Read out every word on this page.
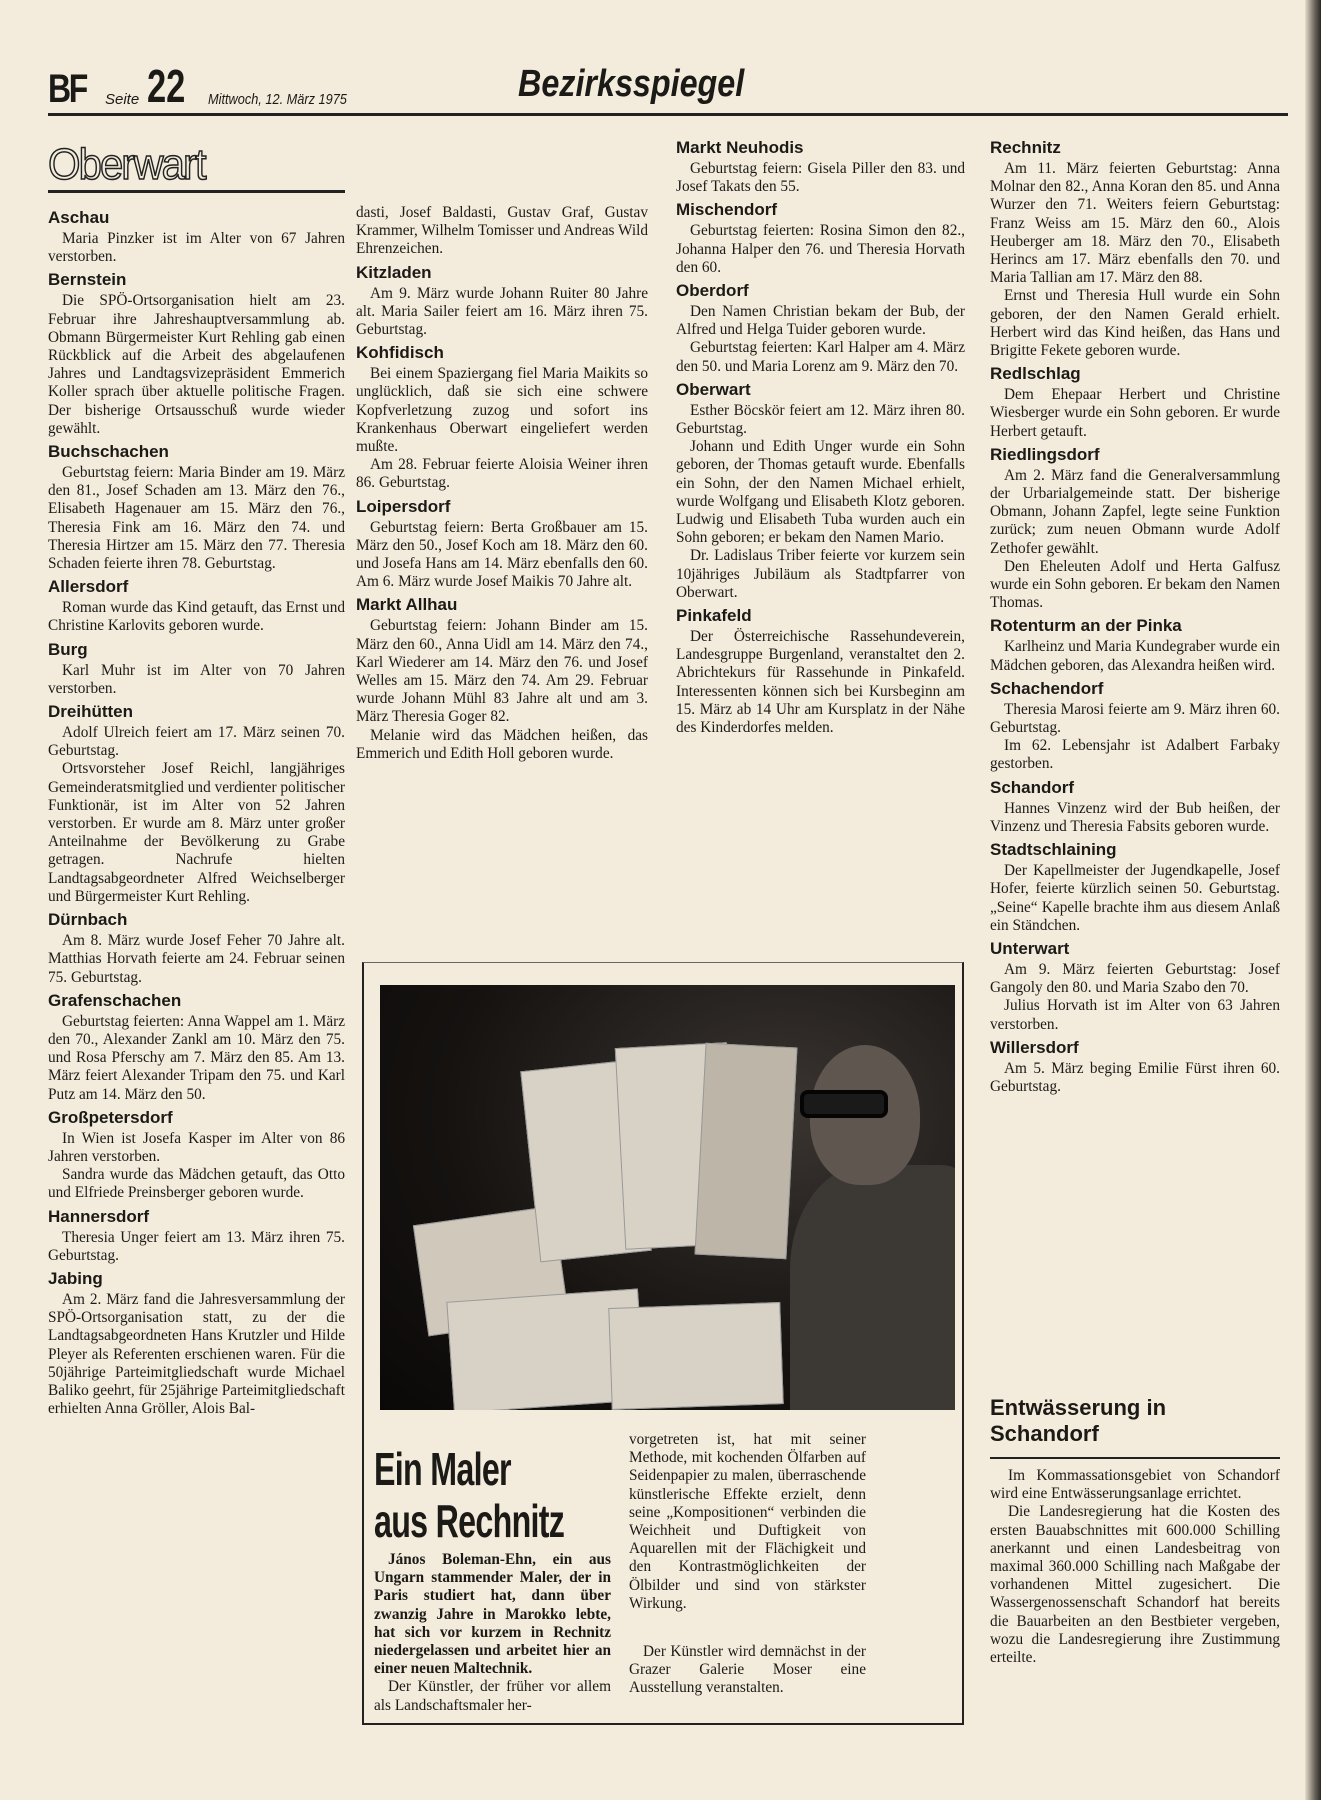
BF Seite 22 Mittwoch, 12. März 1975	Bezirksspiegel
Oberwart
Aschau

Maria Pinzker ist im Alter von 67 Jahren verstorben.

Bernstein

Die SPÖ-Ortsorganisation hielt am 23. Februar ihre Jahreshauptversammlung ab. Obmann Bürgermeister Kurt Rehling gab einen Rückblick auf die Arbeit des abgelaufenen Jahres und Landtagsvizepräsident Emmerich Koller sprach über aktuelle politische Fragen. Der bisherige Ortsausschuß wurde wieder gewählt.

Buchschachen

Geburtstag feiern: Maria Binder am 19. März den 81., Josef Schaden am 13. März den 76., Elisabeth Hagenauer am 15. März den 76., Theresia Fink am 16. März den 74. und Theresia Hirtzer am 15. März den 77. Theresia Schaden feierte ihren 78. Geburtstag.

Allersdorf

Roman wurde das Kind getauft, das Ernst und Christine Karlovits geboren wurde.

Burg

Karl Muhr ist im Alter von 70 Jahren verstorben.

Dreihütten

Adolf Ulreich feiert am 17. März seinen 70. Geburtstag.

Ortsvorsteher Josef Reichl, langjähriges Gemeinderatsmitglied und verdienter politischer Funktionär, ist im Alter von 52 Jahren verstorben. Er wurde am 8. März unter großer Anteilnahme der Bevölkerung zu Grabe getragen. Nachrufe hielten Landtagsabgeordneter Alfred Weichselberger und Bürgermeister Kurt Rehling.

Dürnbach

Am 8. März wurde Josef Feher 70 Jahre alt. Matthias Horvath feierte am 24. Februar seinen 75. Geburtstag.

Grafenschachen

Geburtstag feierten: Anna Wappel am 1. März den 70., Alexander Zankl am 10. März den 75. und Rosa Pferschy am 7. März den 85. Am 13. März feiert Alexander Tripam den 75. und Karl Putz am 14. März den 50.

Großpetersdorf

In Wien ist Josefa Kasper im Alter von 86 Jahren verstorben.

Sandra wurde das Mädchen getauft, das Otto und Elfriede Preinsberger geboren wurde.

Hannersdorf

Theresia Unger feiert am 13. März ihren 75. Geburtstag.

Jabing

Am 2. März fand die Jahresversammlung der SPÖ-Ortsorganisation statt, zu der die Landtagsabgeordneten Hans Krutzler und Hilde Pleyer als Referenten erschienen waren. Für die 50jährige Parteimitgliedschaft wurde Michael Baliko geehrt, für 25jährige Parteimitgliedschaft erhielten Anna Gröller, Alois Bal-

dasti, Josef Baldasti, Gustav Graf, Gustav Krammer, Wilhelm Tomisser und Andreas Wild Ehrenzeichen.

Kitzladen

Am 9. März wurde Johann Ruiter 80 Jahre alt. Maria Sailer feiert am 16. März ihren 75. Geburtstag.

Kohfidisch

Bei einem Spaziergang fiel Maria Maikits so unglücklich, daß sie sich eine schwere Kopfverletzung zuzog und sofort ins Krankenhaus Oberwart eingeliefert werden mußte.

Am 28. Februar feierte Aloisia Weiner ihren 86. Geburtstag.

Loipersdorf

Geburtstag feiern: Berta Großbauer am 15. März den 50., Josef Koch am 18. März den 60. und Josefa Hans am 14. März ebenfalls den 60. Am 6. März wurde Josef Maikis 70 Jahre alt.

Markt Allhau

Geburtstag feiern: Johann Binder am 15. März den 60., Anna Uidl am 14. März den 74., Karl Wiederer am 14. März den 76. und Josef Welles am 15. März den 74. Am 29. Februar wurde Johann Mühl 83 Jahre alt und am 3. März Theresia Goger 82.

Melanie wird das Mädchen heißen, das Emmerich und Edith Holl geboren wurde.

Markt Neuhodis

Geburtstag feiern: Gisela Piller den 83. und Josef Takats den 55.

Mischendorf

Geburtstag feierten: Rosina Simon den 82., Johanna Halper den 76. und Theresia Horvath den 60.

Oberdorf

Den Namen Christian bekam der Bub, der Alfred und Helga Tuider geboren wurde.

Geburtstag feierten: Karl Halper am 4. März den 50. und Maria Lorenz am 9. März den 70.

Oberwart

Esther Böcskör feiert am 12. März ihren 80. Geburtstag.

Johann und Edith Unger wurde ein Sohn geboren, der Thomas getauft wurde. Ebenfalls ein Sohn, der den Namen Michael erhielt, wurde Wolfgang und Elisabeth Klotz geboren. Ludwig und Elisabeth Tuba wurden auch ein Sohn geboren; er bekam den Namen Mario.

Dr. Ladislaus Triber feierte vor kurzem sein 10jähriges Jubiläum als Stadtpfarrer von Oberwart.

Pinkafeld

Der Österreichische Rassehundeverein, Landesgruppe Burgenland, veranstaltet den 2. Abrichtekurs für Rassehunde in Pinkafeld. Interessenten können sich bei Kursbeginn am 15. März ab 14 Uhr am Kursplatz in der Nähe des Kinderdorfes melden.

Rechnitz

Am 11. März feierten Geburtstag: Anna Molnar den 82., Anna Koran den 85. und Anna Wurzer den 71. Weiters feiern Geburtstag: Franz Weiss am 15. März den 60., Alois Heuberger am 18. März den 70., Elisabeth Herincs am 17. März ebenfalls den 70. und Maria Tallian am 17. März den 88.

Ernst und Theresia Hull wurde ein Sohn geboren, der den Namen Gerald erhielt. Herbert wird das Kind heißen, das Hans und Brigitte Fekete geboren wurde.

Redlschlag

Dem Ehepaar Herbert und Christine Wiesberger wurde ein Sohn geboren. Er wurde Herbert getauft.

Riedlingsdorf

Am 2. März fand die Generalversammlung der Urbarialgemeinde statt. Der bisherige Obmann, Johann Zapfel, legte seine Funktion zurück; zum neuen Obmann wurde Adolf Zethofer gewählt.

Den Eheleuten Adolf und Herta Galfusz wurde ein Sohn geboren. Er bekam den Namen Thomas.

Rotenturm an der Pinka

Karlheinz und Maria Kundegraber wurde ein Mädchen geboren, das Alexandra heißen wird.

Schachendorf

Theresia Marosi feierte am 9. März ihren 60. Geburtstag.

Im 62. Lebensjahr ist Adalbert Farbaky gestorben.

Schandorf

Hannes Vinzenz wird der Bub heißen, der Vinzenz und Theresia Fabsits geboren wurde.

Stadtschlaining

Der Kapellmeister der Jugendkapelle, Josef Hofer, feierte kürzlich seinen 50. Geburtstag. „Seine“ Kapelle brachte ihm aus diesem Anlaß ein Ständchen.

Unterwart

Am 9. März feierten Geburtstag: Josef Gangoly den 80. und Maria Szabo den 70.

Julius Horvath ist im Alter von 63 Jahren verstorben.

Willersdorf

Am 5. März beging Emilie Fürst ihren 60. Geburtstag.

Ein Maler
aus Rechnitz

János Boleman-Ehn, ein aus Ungarn stammender Maler, der in Paris studiert hat, dann über zwanzig Jahre in Marokko lebte, hat sich vor kurzem in Rechnitz niedergelassen und arbeitet hier an einer neuen Maltechnik.

Der Künstler, der früher vor allem als Landschaftsmaler her-

vorgetreten ist, hat mit seiner Methode, mit kochenden Ölfarben auf Seidenpapier zu malen, überraschende künstlerische Effekte erzielt, denn seine „Kompositionen“ verbinden die Weichheit und Duftigkeit von Aquarellen mit der Flächigkeit und den Kontrastmöglichkeiten der Ölbilder und sind von stärkster Wirkung.

Der Künstler wird demnächst in der Grazer Galerie Moser eine Ausstellung veranstalten.

Entwässerung in Schandorf

Im Kommassationsgebiet von Schandorf wird eine Entwässerungsanlage errichtet.

Die Landesregierung hat die Kosten des ersten Bauabschnittes mit 600.000 Schilling anerkannt und einen Landesbeitrag von maximal 360.000 Schilling nach Maßgabe der vorhandenen Mittel zugesichert. Die Wassergenossenschaft Schandorf hat bereits die Bauarbeiten an den Bestbieter vergeben, wozu die Landesregierung ihre Zustimmung erteilte.
